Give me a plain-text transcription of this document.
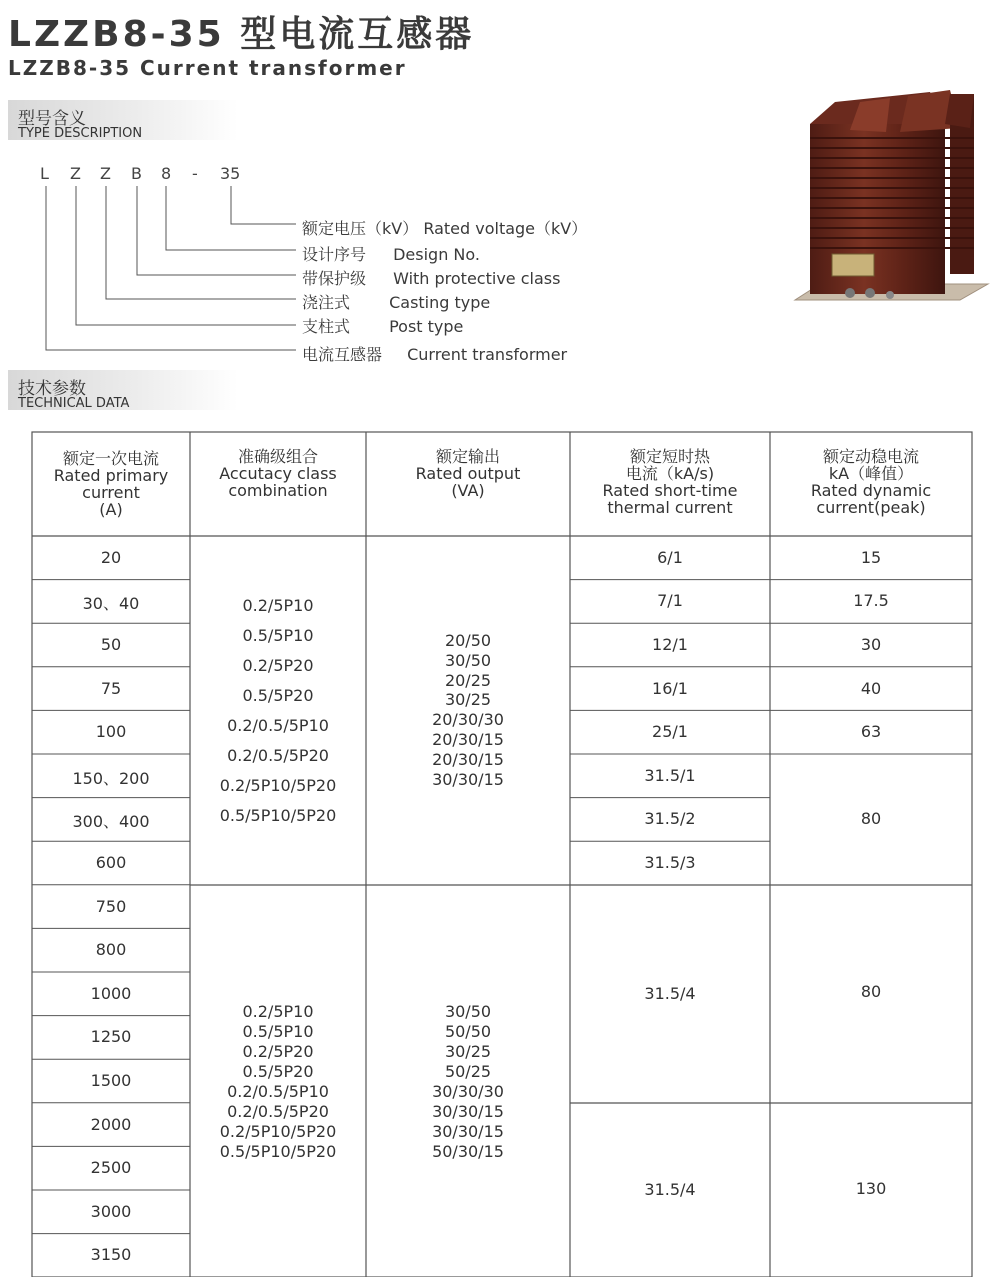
LZZB8-35 型电流互感器
LZZB8-35 Current transformer
型号含义
TYPE DESCRIPTION
L Z Z B 8 - 35
额定电压（kV） Rated voltage（kV）
设计序号 Design No.
带保护级 With protective class
浇注式 Casting type
支柱式 Post type
电流互感器 Current transformer
技术参数
TECHNICAL DATA
额定一次电流
Rated primary
current
(A)
准确级组合
Accutacy class
combination
额定输出
Rated output
(VA)
额定短时热
电流（kA/s)
Rated short-time
thermal current
额定动稳电流
kA（峰值）
Rated dynamic
current(peak)
20
30、40
50
75
100
150、200
300、400
600
750
800
1000
1250
1500
2000
2500
3000
3150
0.2/5P10
0.5/5P10
0.2/5P20
0.5/5P20
0.2/0.5/5P10
0.2/0.5/5P20
0.2/5P10/5P20
0.5/5P10/5P20
20/50
30/50
20/25
30/25
20/30/30
20/30/15
20/30/15
30/30/15
0.2/5P10
0.5/5P10
0.2/5P20
0.5/5P20
0.2/0.5/5P10
0.2/0.5/5P20
0.2/5P10/5P20
0.5/5P10/5P20
30/50
50/50
30/25
50/25
30/30/30
30/30/15
30/30/15
50/30/15
6/1
7/1
12/1
16/1
25/1
31.5/1
31.5/2
31.5/3
15
17.5
30
40
63
80
31.5/4
31.5/4
80
130
